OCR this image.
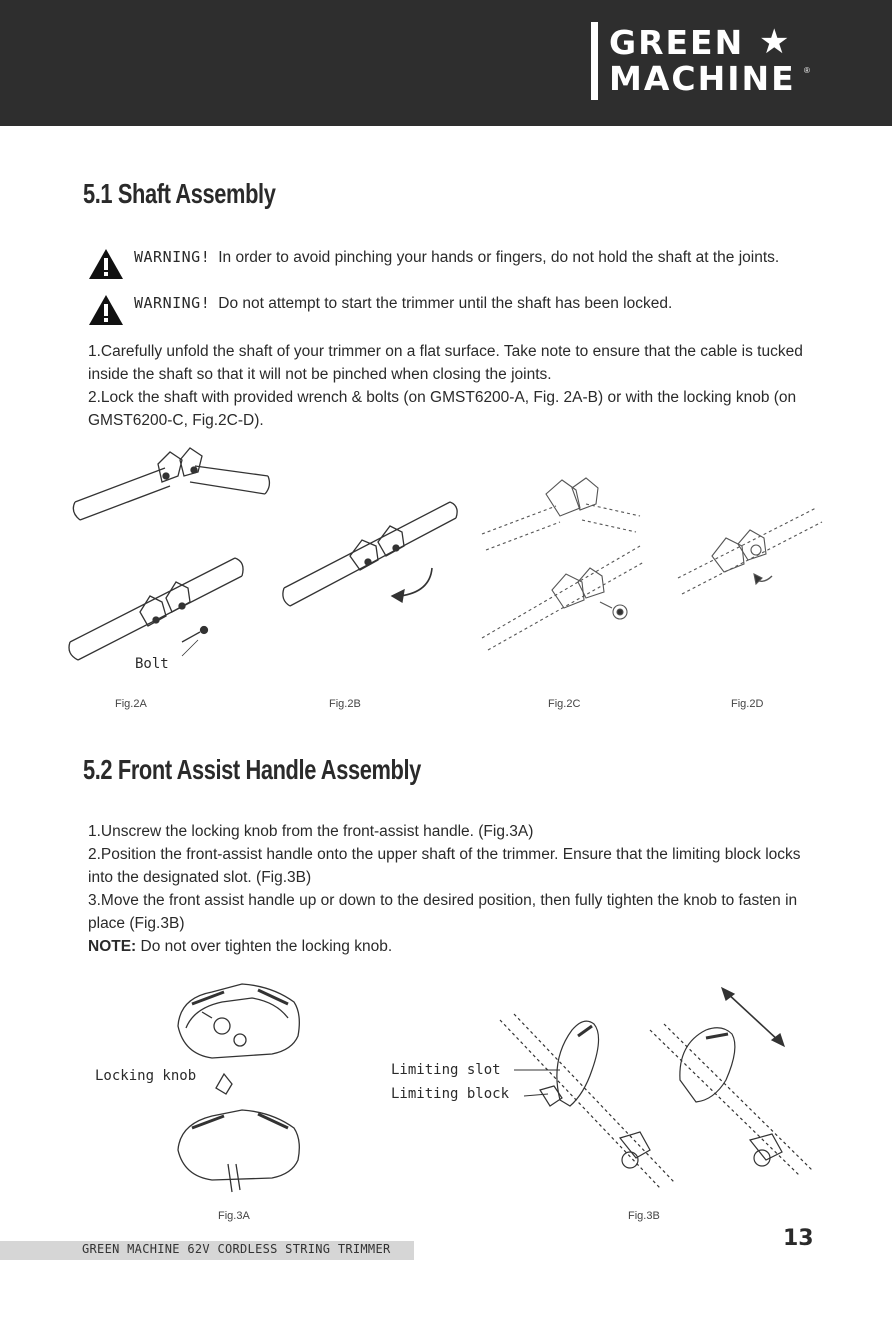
GREEN ★
MACHINE ®
5.1 Shaft Assembly
WARNING! In order to avoid pinching your hands or fingers, do not hold the shaft at the joints.
WARNING! Do not attempt to start the trimmer until the shaft has been locked.

1.Carefully unfold the shaft of your trimmer on a flat surface. Take note to ensure that the cable is tucked inside the shaft so that it will not be pinched when closing the joints.

2.Lock the shaft with provided wrench & bolts (on GMST6200-A, Fig. 2A-B) or with the locking knob (on GMST6200-C, Fig.2C-D).

Bolt
Fig.2A	Fig.2B	Fig.2C	Fig.2D
5.2 Front Assist Handle Assembly

1.Unscrew the locking knob from the front-assist handle. (Fig.3A)

2.Position the front-assist handle onto the upper shaft of the trimmer. Ensure that the limiting block locks into the designated slot. (Fig.3B)

3.Move the front assist handle up or down to the desired position, then fully tighten the knob to fasten in place (Fig.3B)

NOTE: Do not over tighten the locking knob.

Locking knob	Limiting slot
Limiting block
Fig.3A	Fig.3B
GREEN MACHINE 62V CORDLESS STRING TRIMMER	13
